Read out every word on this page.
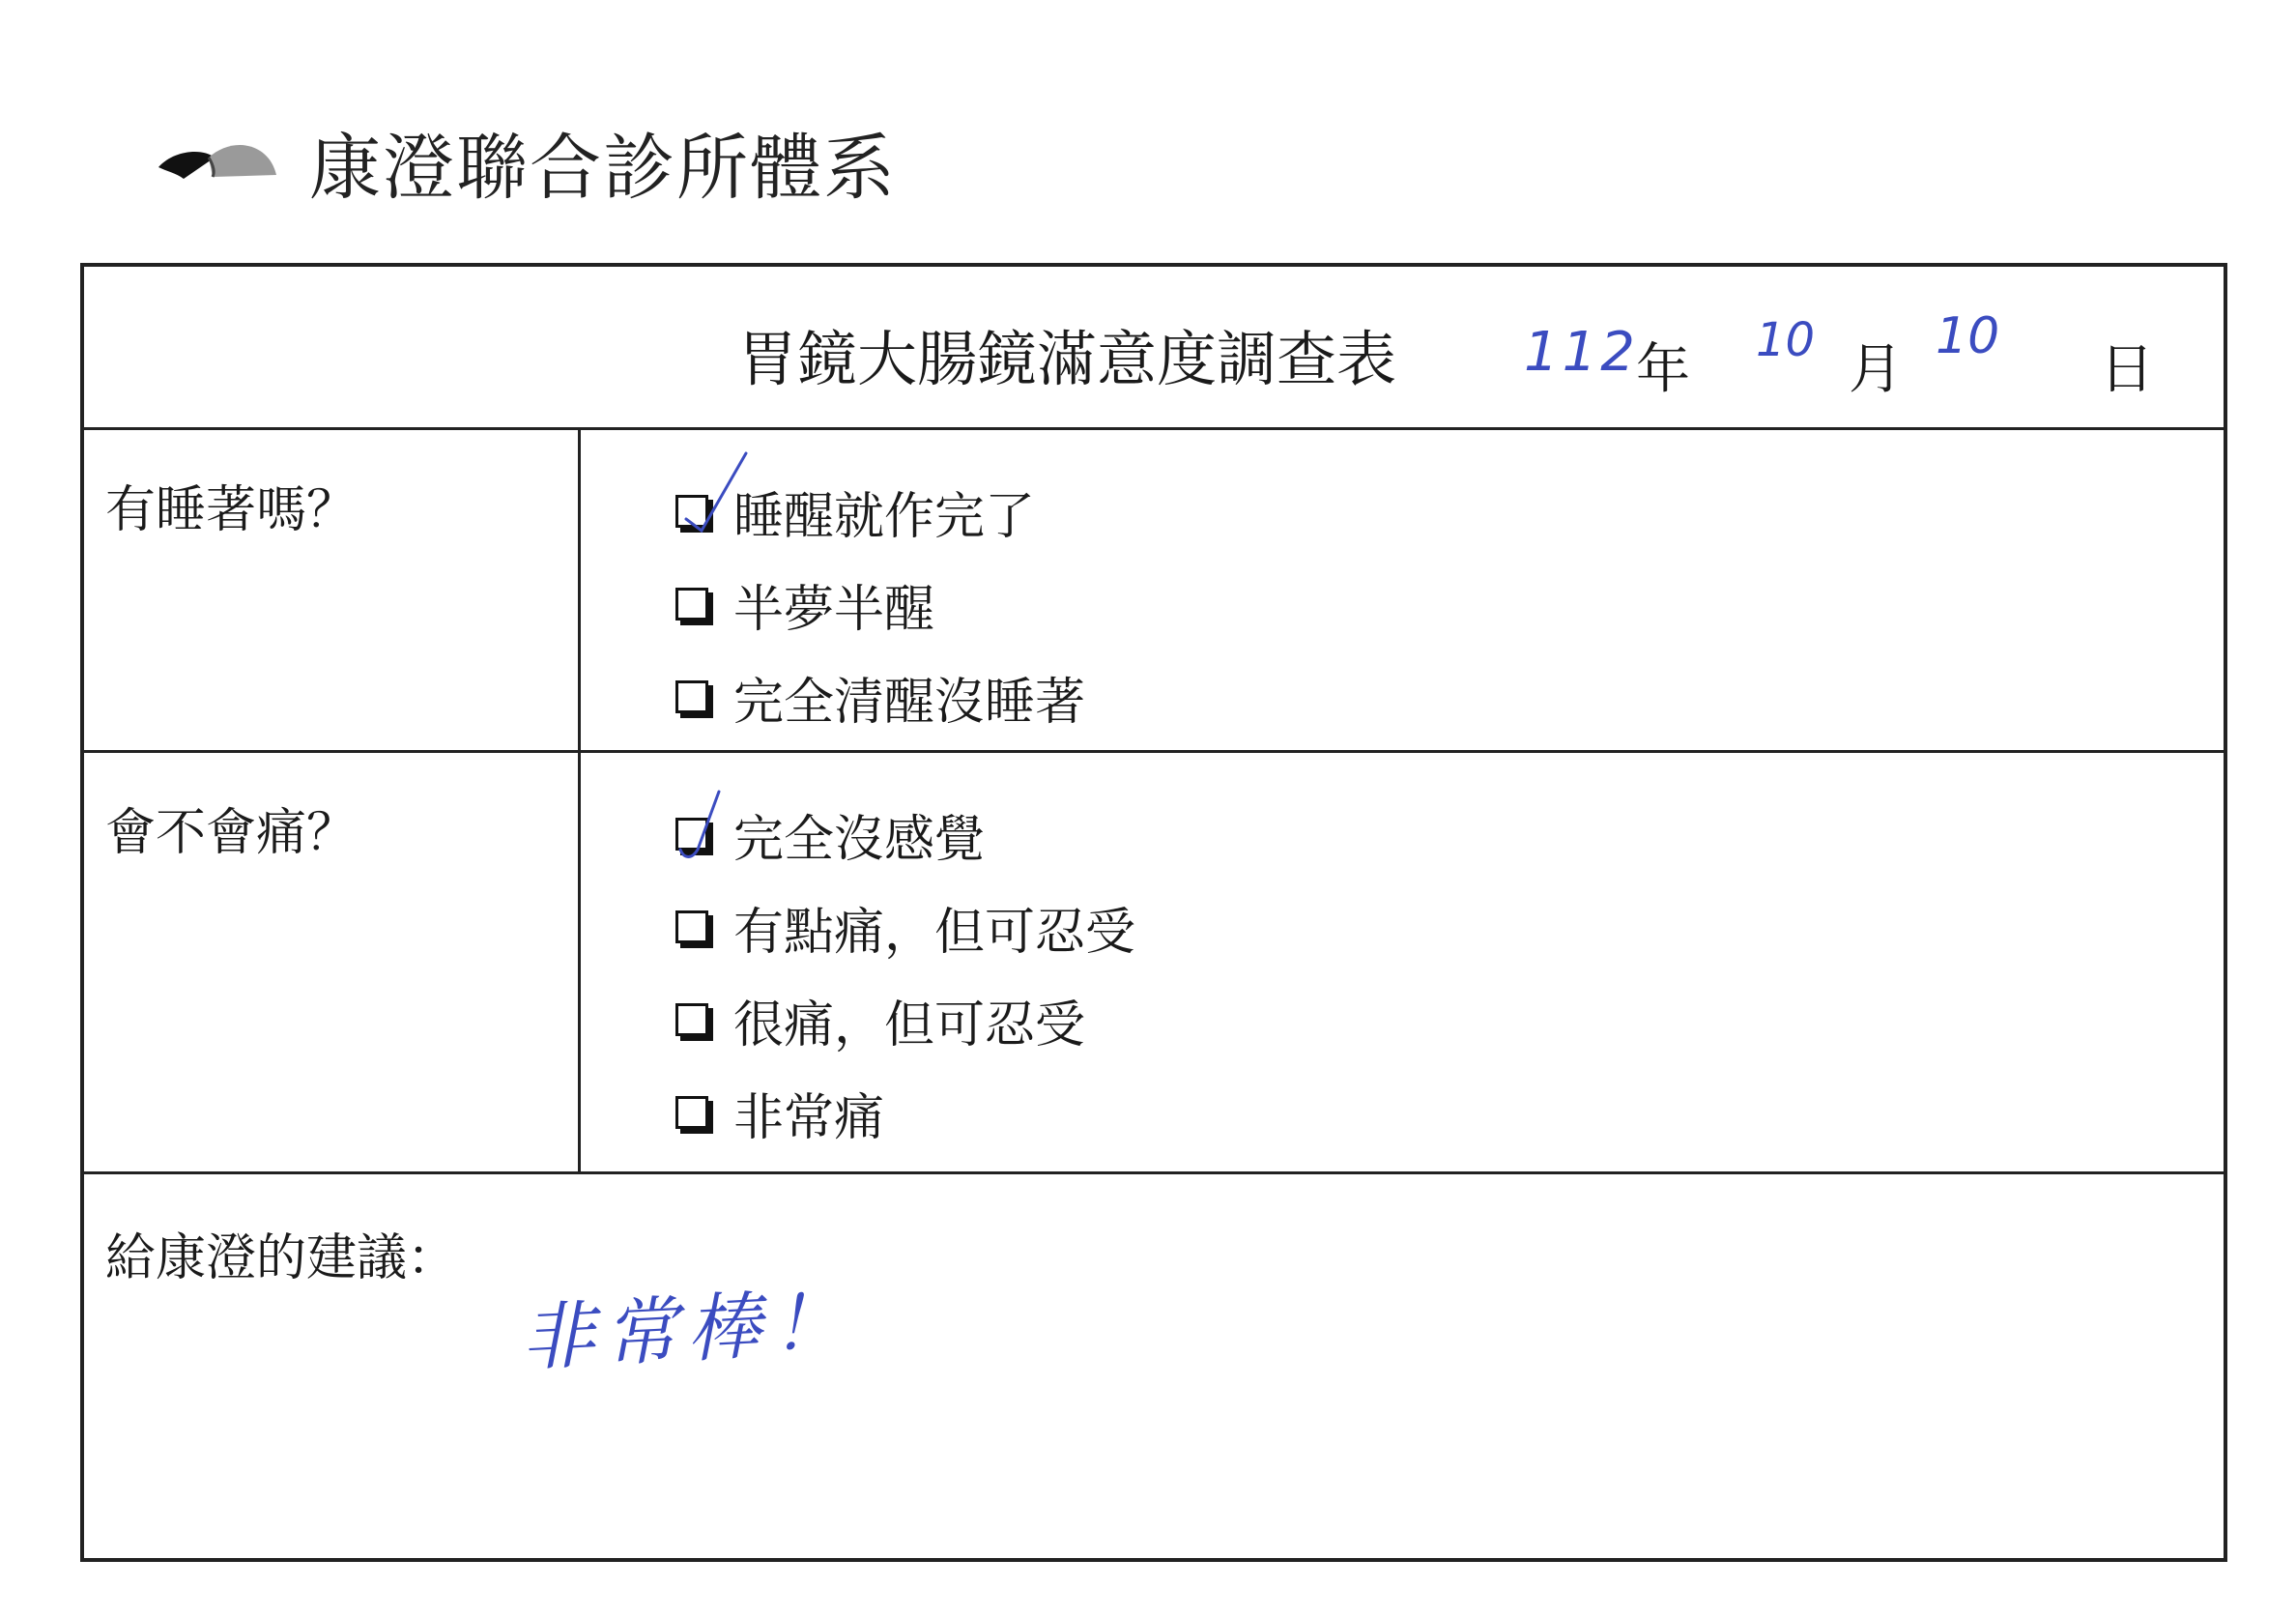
康澄聯合診所體系
胃鏡大腸鏡滿意度調查表 112
年 10 月
10
日
有睡著嗎？	睡醒就作完了
半夢半醒
完全清醒沒睡著
會不會痛？	完全沒感覺
有點痛，但可忍受
很痛，但可忍受
非常痛
給康澄的建議：
非常棒！
